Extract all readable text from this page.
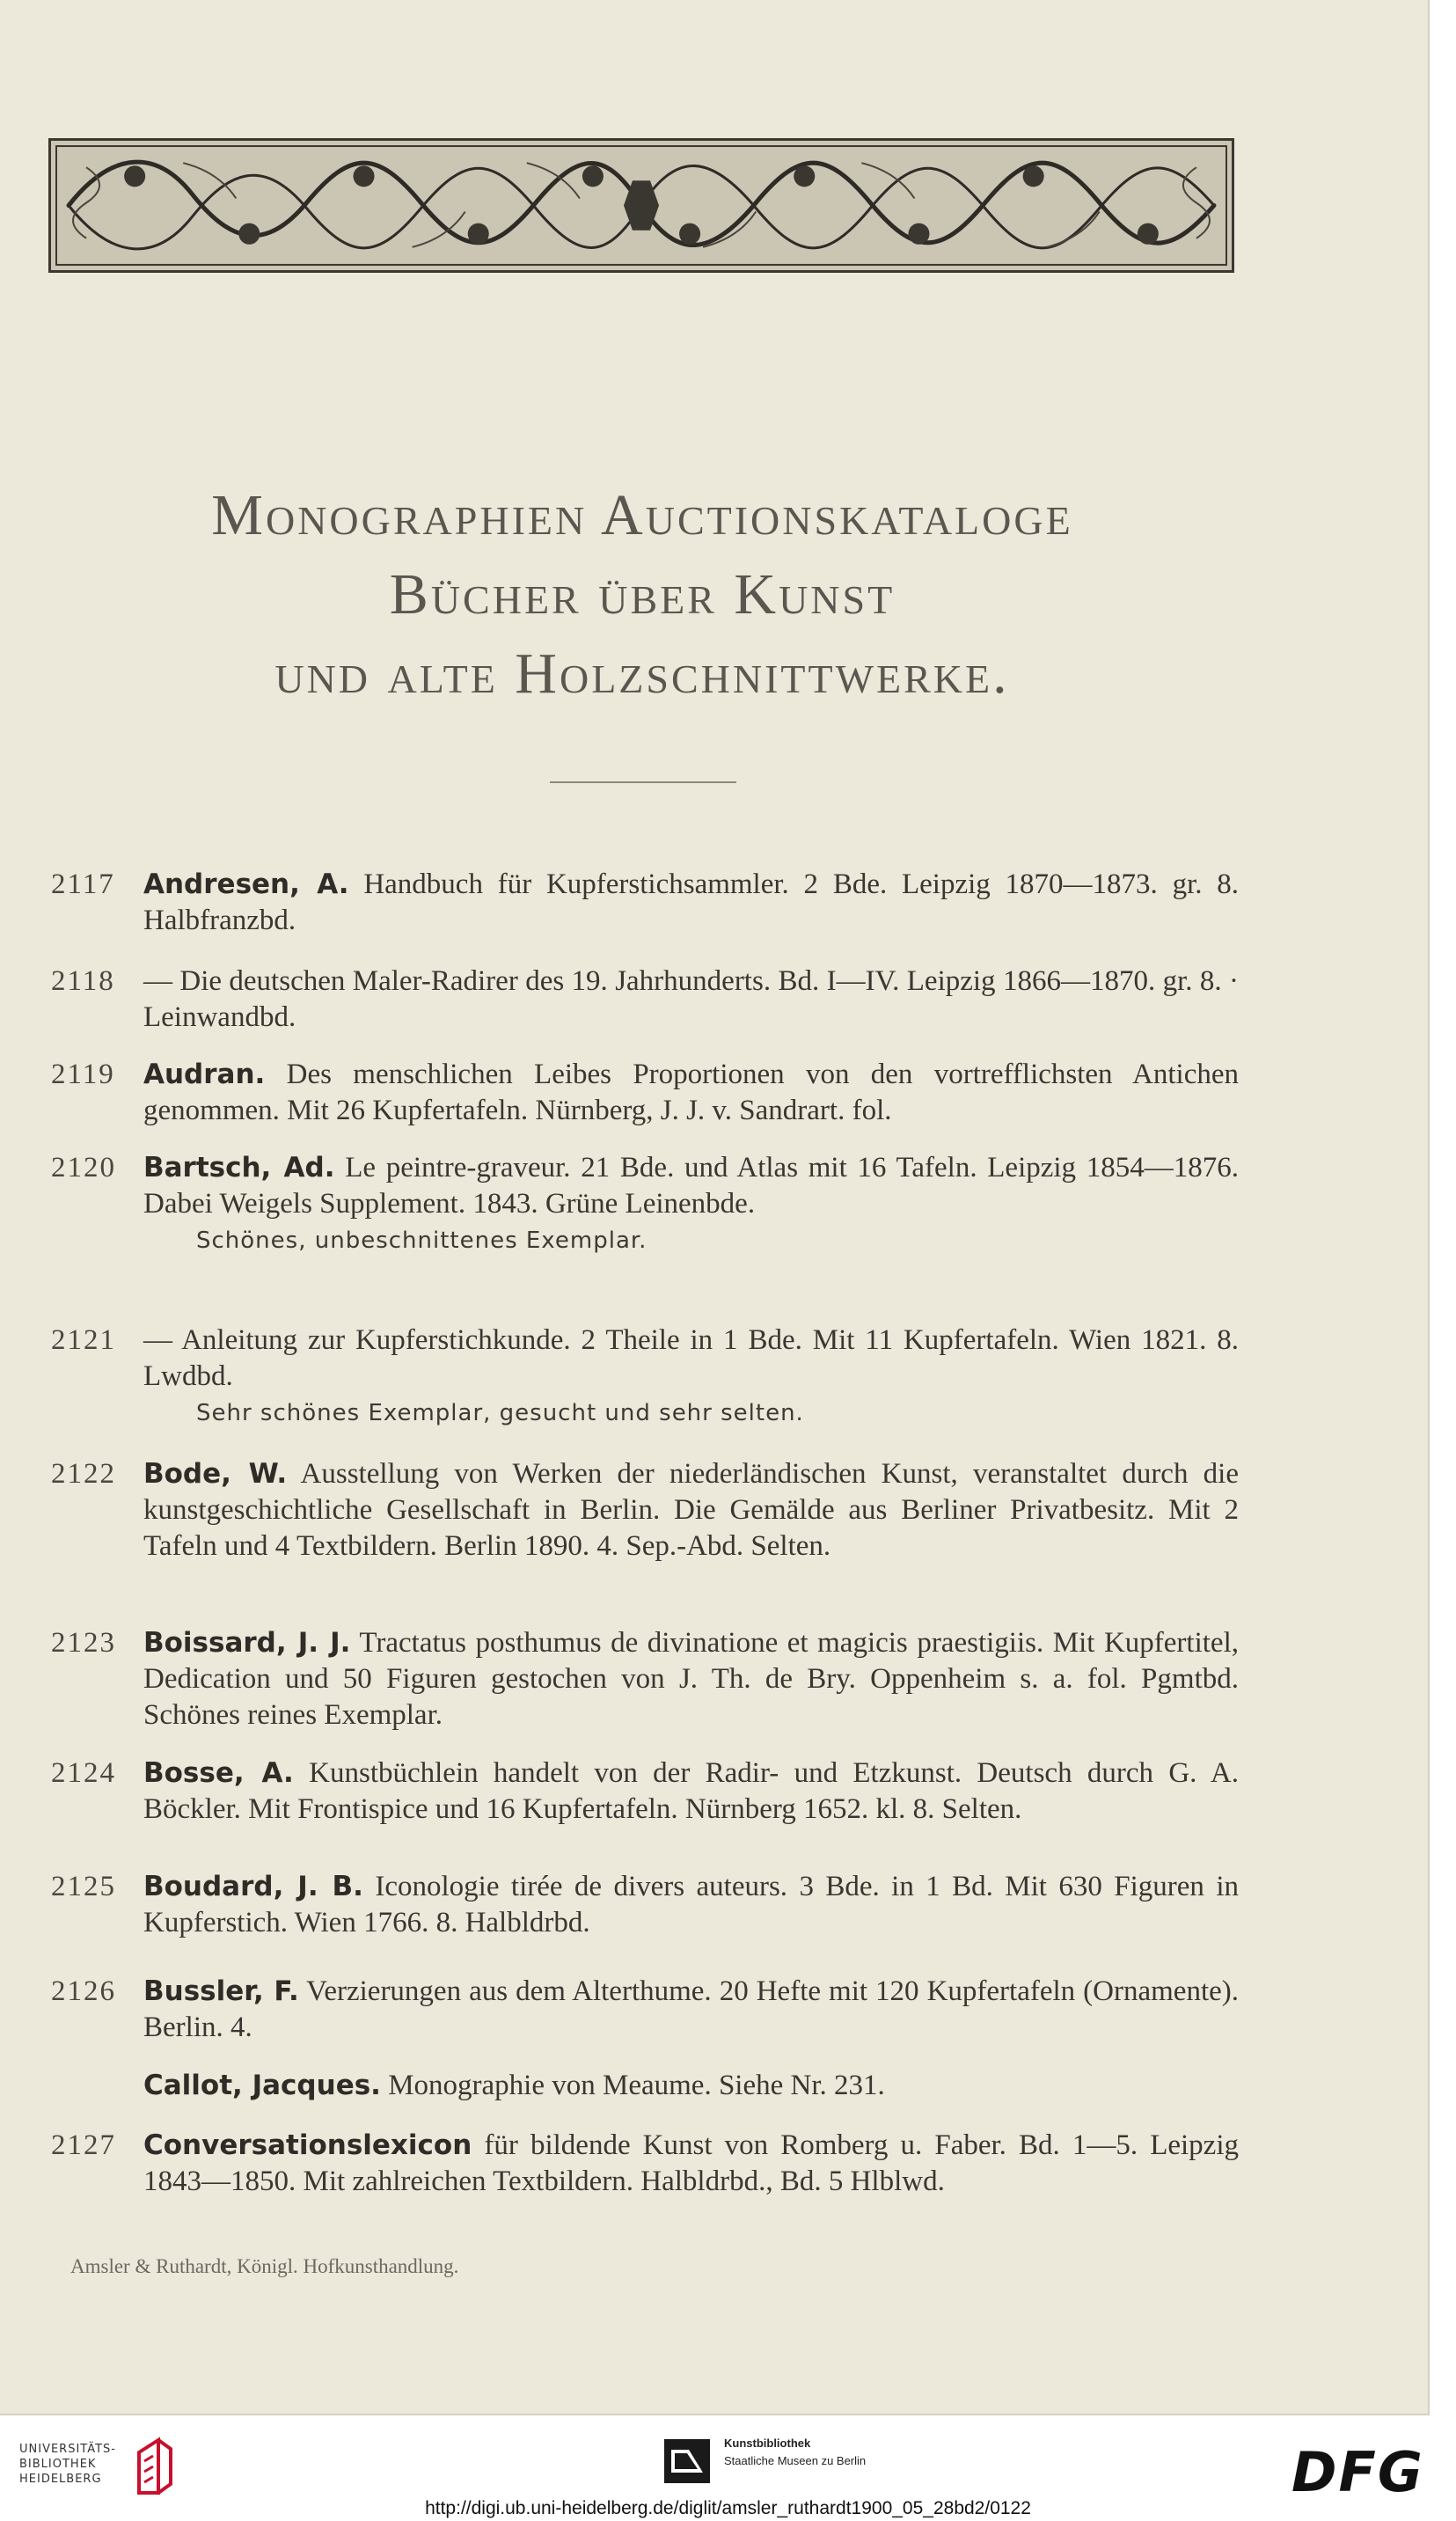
Monographien Auctionskataloge
Bücher über Kunst
und alte Holzschnittwerke.
2117	Andresen, A. Handbuch für Kupferstichsammler. 2 Bde. Leipzig 1870—1873. gr. 8. Halbfranzbd.
2118 — Die deutschen Maler-Radirer des 19. Jahrhunderts. Bd. I—IV. Leipzig 1866—1870. gr. 8. · Leinwandbd.
2119	Audran. Des menschlichen Leibes Proportionen von den vortrefflichsten Antichen genommen. Mit 26 Kupfertafeln. Nürnberg, J. J. v. Sandrart. fol.
2120	Bartsch, Ad. Le peintre-graveur. 21 Bde. und Atlas mit 16 Tafeln. Leipzig 1854—1876. Dabei Weigels Supplement. 1843. Grüne Leinenbde.
Schönes, unbeschnittenes Exemplar.
2121 — Anleitung zur Kupferstichkunde. 2 Theile in 1 Bde. Mit 11 Kupfertafeln. Wien 1821. 8. Lwdbd.
Sehr schönes Exemplar, gesucht und sehr selten.
2122	Bode, W. Ausstellung von Werken der niederländischen Kunst, veranstaltet durch die kunstgeschichtliche Gesellschaft in Berlin. Die Gemälde aus Berliner Privatbesitz. Mit 2 Tafeln und 4 Textbildern. Berlin 1890. 4. Sep.-Abd. Selten.
2123	Boissard, J. J. Tractatus posthumus de divinatione et magicis praestigiis. Mit Kupfertitel, Dedication und 50 Figuren gestochen von J. Th. de Bry. Oppenheim s. a. fol. Pgmtbd. Schönes reines Exemplar.
2124	Bosse, A. Kunstbüchlein handelt von der Radir- und Etzkunst. Deutsch durch G. A. Böckler. Mit Frontispice und 16 Kupfertafeln. Nürnberg 1652. kl. 8. Selten.
2125	Boudard, J. B. Iconologie tirée de divers auteurs. 3 Bde. in 1 Bd. Mit 630 Figuren in Kupferstich. Wien 1766. 8. Halbldrbd.
2126	Bussler, F. Verzierungen aus dem Alterthume. 20 Hefte mit 120 Kupfertafeln (Ornamente). Berlin. 4.
Callot, Jacques. Monographie von Meaume. Siehe Nr. 231.
2127	Conversationslexicon für bildende Kunst von Romberg u. Faber. Bd. 1—5. Leipzig 1843—1850. Mit zahlreichen Textbildern. Halbldrbd., Bd. 5 Hlblwd.
Amsler & Ruthardt, Königl. Hofkunsthandlung.
UNIVERSITÄTS-
BIBLIOTHEK
HEIDELBERG
Kunstbibliothek
Staatliche Museen zu Berlin	DFG
http://digi.ub.uni-heidelberg.de/diglit/amsler_ruthardt1900_05_28bd2/0122
